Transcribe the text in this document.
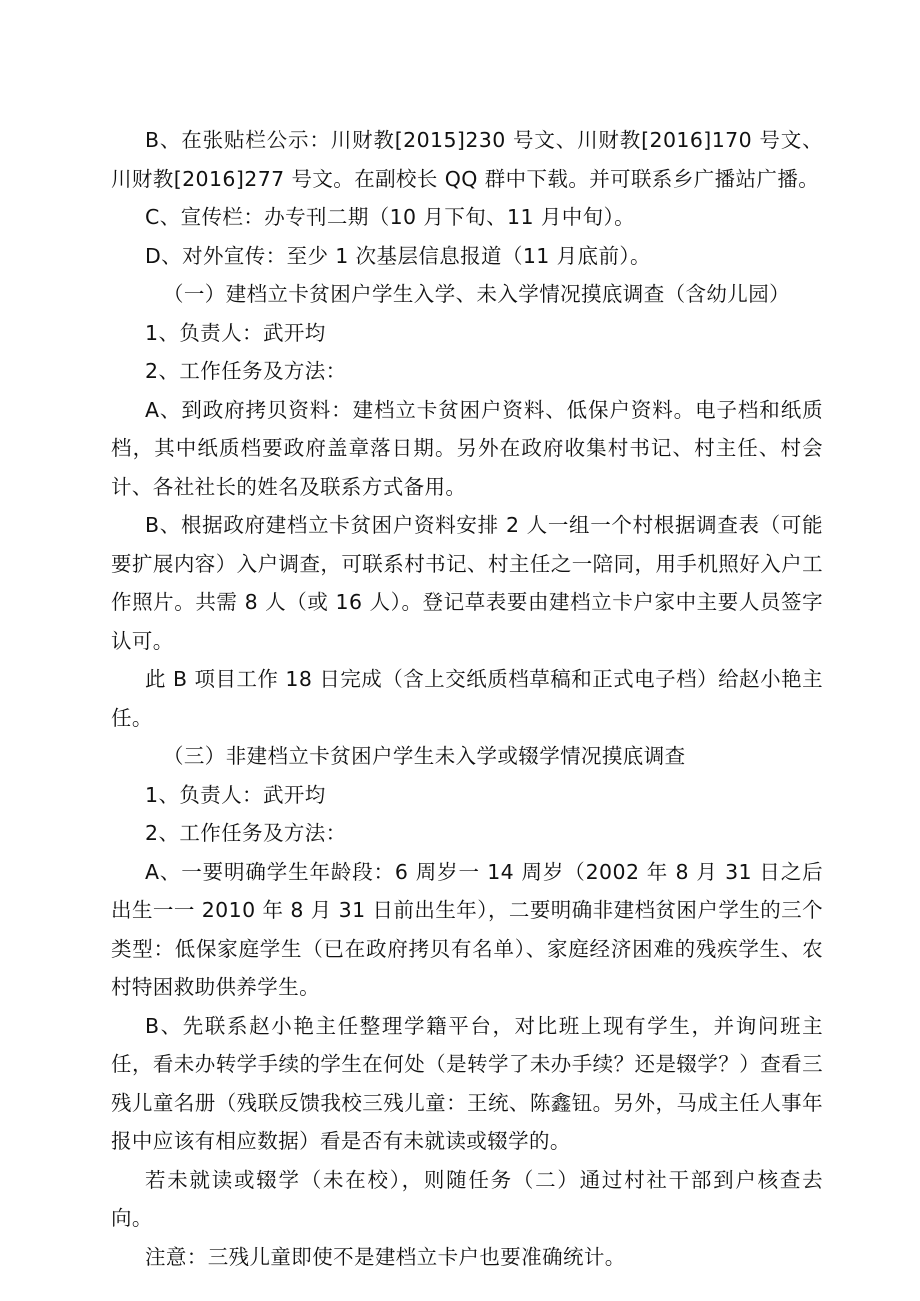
B、在张贴栏公示：川财教[2015]230 号文、川财教[2016]170 号文、川财教[2016]277 号文。在副校长 QQ 群中下载。并可联系乡广播站广播。

C、宣传栏：办专刊二期（10 月下旬、11 月中旬）。

D、对外宣传：至少 1 次基层信息报道（11 月底前）。

（一）建档立卡贫困户学生入学、未入学情况摸底调查（含幼儿园）

1、负责人：武开均

2、工作任务及方法：

A、到政府拷贝资料：建档立卡贫困户资料、低保户资料。电子档和纸质档，其中纸质档要政府盖章落日期。另外在政府收集村书记、村主任、村会计、各社社长的姓名及联系方式备用。

B、根据政府建档立卡贫困户资料安排 2 人一组一个村根据调查表（可能要扩展内容）入户调查，可联系村书记、村主任之一陪同，用手机照好入户工作照片。共需 8 人（或 16 人）。登记草表要由建档立卡户家中主要人员签字认可。

此 B 项目工作 18 日完成（含上交纸质档草稿和正式电子档）给赵小艳主任。

（三）非建档立卡贫困户学生未入学或辍学情况摸底调查

1、负责人：武开均

2、工作任务及方法：

A、一要明确学生年龄段：6 周岁一 14 周岁（2002 年 8 月 31 日之后出生一一 2010 年 8 月 31 日前出生年），二要明确非建档贫困户学生的三个类型：低保家庭学生（已在政府拷贝有名单）、家庭经济困难的残疾学生、农村特困救助供养学生。

B、先联系赵小艳主任整理学籍平台，对比班上现有学生，并询问班主任，看未办转学手续的学生在何处（是转学了未办手续？还是辍学？）查看三残儿童名册（残联反馈我校三残儿童：王统、陈鑫钮。另外，马成主任人事年报中应该有相应数据）看是否有未就读或辍学的。

若未就读或辍学（未在校），则随任务（二）通过村社干部到户核查去向。

注意：三残儿童即使不是建档立卡户也要准确统计。
